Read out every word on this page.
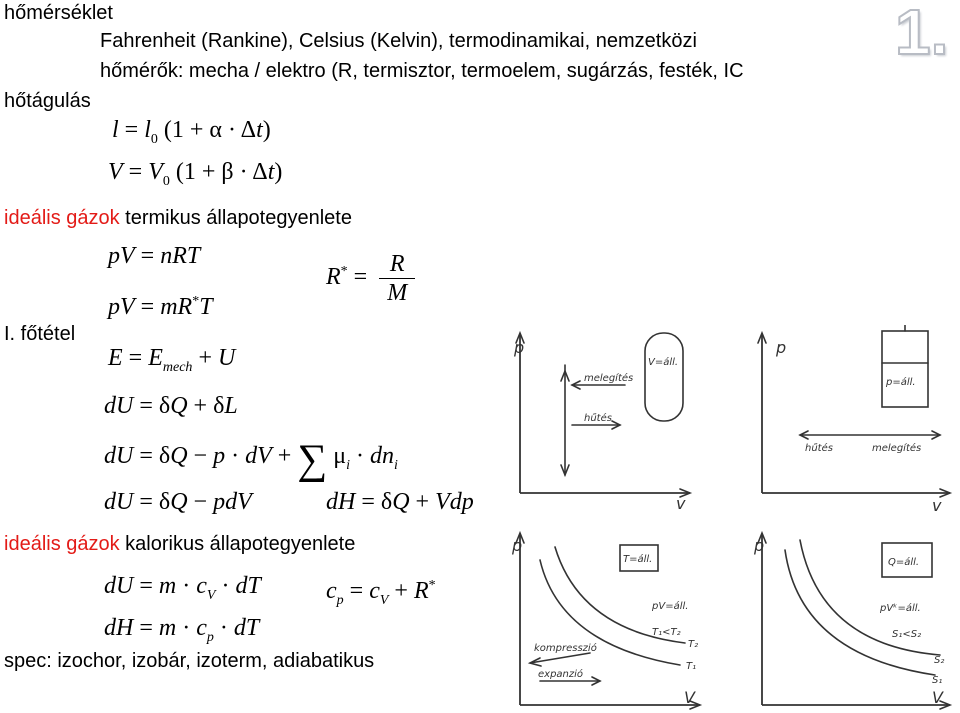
1.
hőmérséklet
Fahrenheit (Rankine), Celsius (Kelvin), termodinamikai, nemzetközi
hőmérők: mecha / elektro (R, termisztor, termoelem, sugárzás, festék, IC
hőtágulás
$l = l_0$ (1 + α · Δt)
$V = V_0$ (1 + β · Δt)
ideális gázok termikus állapotegyenlete
pV = nRT
pV = mR*T
$R^* = \frac{R}{M}$
I. főtétel
$E = E_{mech} + U$
dU = δQ + δL
dU = δQ − p · dV + ∑ $\mu_i \cdot dn_i$
dU = δQ − pdV	dH = δQ + Vdp
ideális gázok kalorikus állapotegyenlete
dU = $m \cdot c_V$ · dT	$c_p = c_V + R^*$
dH = $m \cdot c_p$ · dT
spec: izochor, izobár, izoterm, adiabatikus
p
v
melegítés
hűtés
V=áll.
p
v
p=áll.
hűtés	melegítés
p
V
T=áll.
pV=áll.
T₁<T₂
T₁
T₂
p
V
Q=áll.
pVᵏ=áll.
S₁<S₂
S₁
S₂
kompresszió
expanzió
